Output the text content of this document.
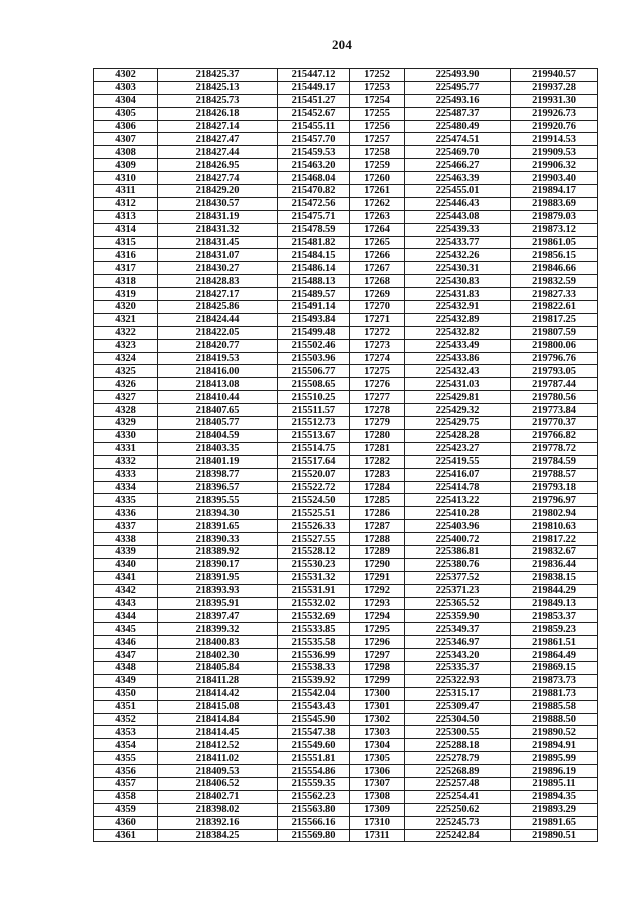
204
4302	218425.37	215447.12	17252	225493.90	219940.57
4303	218425.13	215449.17	17253	225495.77	219937.28
4304	218425.73	215451.27	17254	225493.16	219931.30
4305	218426.18	215452.67	17255	225487.37	219926.73
4306	218427.14	215455.11	17256	225480.49	219920.76
4307	218427.47	215457.70	17257	225474.51	219914.53
4308	218427.44	215459.53	17258	225469.70	219909.53
4309	218426.95	215463.20	17259	225466.27	219906.32
4310	218427.74	215468.04	17260	225463.39	219903.40
4311	218429.20	215470.82	17261	225455.01	219894.17
4312	218430.57	215472.56	17262	225446.43	219883.69
4313	218431.19	215475.71	17263	225443.08	219879.03
4314	218431.32	215478.59	17264	225439.33	219873.12
4315	218431.45	215481.82	17265	225433.77	219861.05
4316	218431.07	215484.15	17266	225432.26	219856.15
4317	218430.27	215486.14	17267	225430.31	219846.66
4318	218428.83	215488.13	17268	225430.83	219832.59
4319	218427.17	215489.57	17269	225431.83	219827.33
4320	218425.86	215491.14	17270	225432.91	219822.61
4321	218424.44	215493.84	17271	225432.89	219817.25
4322	218422.05	215499.48	17272	225432.82	219807.59
4323	218420.77	215502.46	17273	225433.49	219800.06
4324	218419.53	215503.96	17274	225433.86	219796.76
4325	218416.00	215506.77	17275	225432.43	219793.05
4326	218413.08	215508.65	17276	225431.03	219787.44
4327	218410.44	215510.25	17277	225429.81	219780.56
4328	218407.65	215511.57	17278	225429.32	219773.84
4329	218405.77	215512.73	17279	225429.75	219770.37
4330	218404.59	215513.67	17280	225428.28	219766.82
4331	218403.35	215514.75	17281	225423.27	219778.72
4332	218401.19	215517.64	17282	225419.55	219784.59
4333	218398.77	215520.07	17283	225416.07	219788.57
4334	218396.57	215522.72	17284	225414.78	219793.18
4335	218395.55	215524.50	17285	225413.22	219796.97
4336	218394.30	215525.51	17286	225410.28	219802.94
4337	218391.65	215526.33	17287	225403.96	219810.63
4338	218390.33	215527.55	17288	225400.72	219817.22
4339	218389.92	215528.12	17289	225386.81	219832.67
4340	218390.17	215530.23	17290	225380.76	219836.44
4341	218391.95	215531.32	17291	225377.52	219838.15
4342	218393.93	215531.91	17292	225371.23	219844.29
4343	218395.91	215532.02	17293	225365.52	219849.13
4344	218397.47	215532.69	17294	225359.90	219853.37
4345	218399.32	215533.85	17295	225349.37	219859.23
4346	218400.83	215535.58	17296	225346.97	219861.51
4347	218402.30	215536.99	17297	225343.20	219864.49
4348	218405.84	215538.33	17298	225335.37	219869.15
4349	218411.28	215539.92	17299	225322.93	219873.73
4350	218414.42	215542.04	17300	225315.17	219881.73
4351	218415.08	215543.43	17301	225309.47	219885.58
4352	218414.84	215545.90	17302	225304.50	219888.50
4353	218414.45	215547.38	17303	225300.55	219890.52
4354	218412.52	215549.60	17304	225288.18	219894.91
4355	218411.02	215551.81	17305	225278.79	219895.99
4356	218409.53	215554.86	17306	225268.89	219896.19
4357	218406.52	215559.35	17307	225257.48	219895.11
4358	218402.71	215562.23	17308	225254.41	219894.35
4359	218398.02	215563.80	17309	225250.62	219893.29
4360	218392.16	215566.16	17310	225245.73	219891.65
4361	218384.25	215569.80	17311	225242.84	219890.51
